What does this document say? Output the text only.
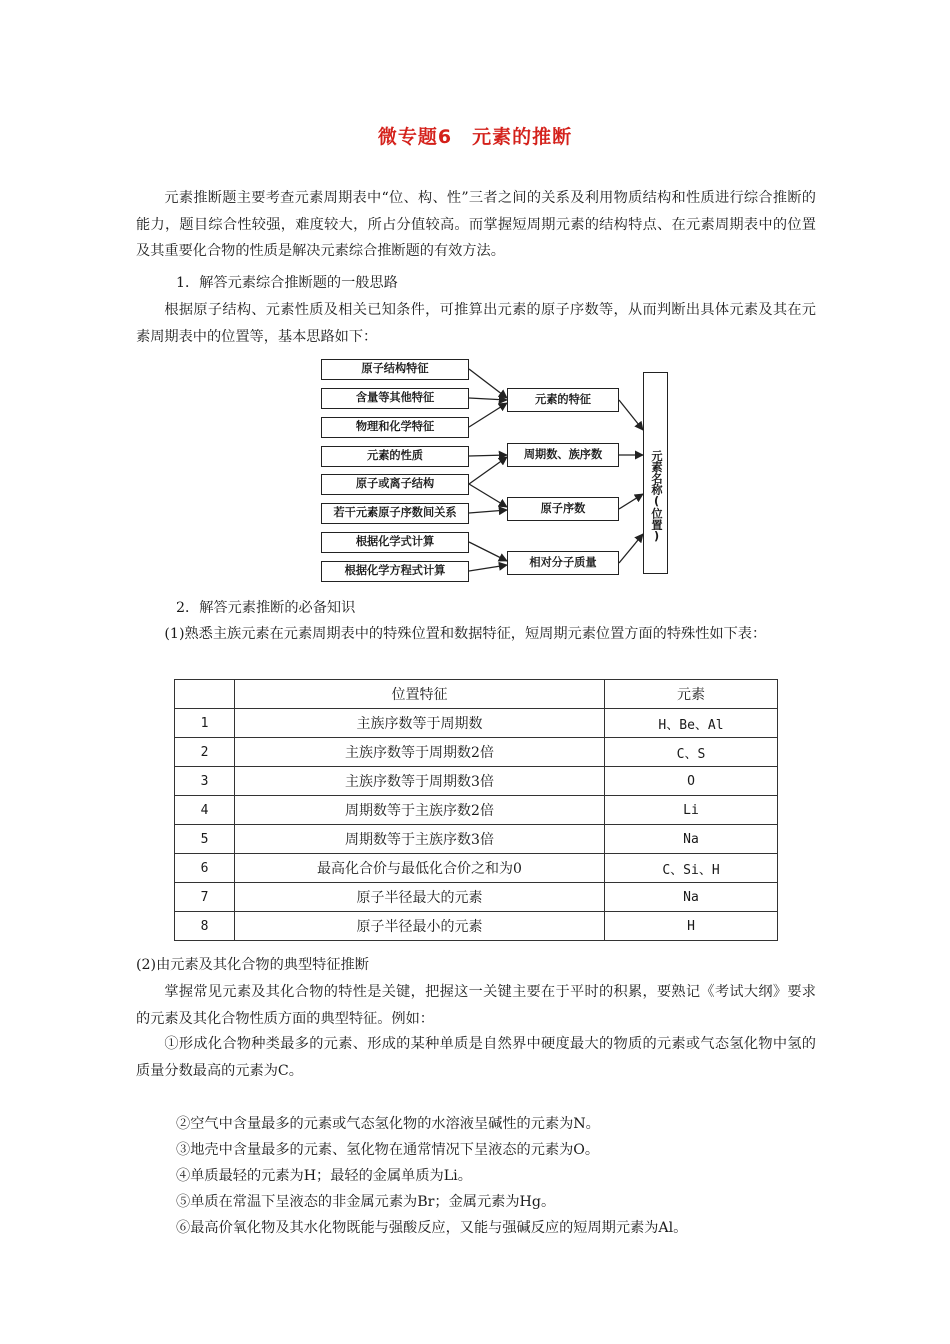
微专题6　元素的推断

元素推断题主要考查元素周期表中“位、构、性”三者之间的关系及利用物质结构和性质进行综合推断的能力，题目综合性较强，难度较大，所占分值较高。而掌握短周期元素的结构特点、在元素周期表中的位置及其重要化合物的性质是解决元素综合推断题的有效方法。

1．解答元素综合推断题的一般思路

根据原子结构、元素性质及相关已知条件，可推算出元素的原子序数等，从而判断出具体元素及其在元素周期表中的位置等，基本思路如下：

原子结构特征
含量等其他特征
物理和化学特征
元素的性质
原子或离子结构
若干元素原子序数间关系
根据化学式计算
根据化学方程式计算
元素的特征
周期数、族序数
原子序数
相对分子质量
元素名称(位置)

2．解答元素推断的必备知识

(1)熟悉主族元素在元素周期表中的特殊位置和数据特征，短周期元素位置方面的特殊性如下表：

	位置特征	元素
1	主族序数等于周期数	H、Be、Al
2	主族序数等于周期数2倍	C、S
3	主族序数等于周期数3倍	O
4	周期数等于主族序数2倍	Li
5	周期数等于主族序数3倍	Na
6	最高化合价与最低化合价之和为0	C、Si、H
7	原子半径最大的元素	Na
8	原子半径最小的元素	H

(2)由元素及其化合物的典型特征推断

掌握常见元素及其化合物的特性是关键，把握这一关键主要在于平时的积累，要熟记《考试大纲》要求的元素及其化合物性质方面的典型特征。例如：

①形成化合物种类最多的元素、形成的某种单质是自然界中硬度最大的物质的元素或气态氢化物中氢的质量分数最高的元素为C。

②空气中含量最多的元素或气态氢化物的水溶液呈碱性的元素为N。

③地壳中含量最多的元素、氢化物在通常情况下呈液态的元素为O。

④单质最轻的元素为H；最轻的金属单质为Li。

⑤单质在常温下呈液态的非金属元素为Br；金属元素为Hg。

⑥最高价氧化物及其水化物既能与强酸反应，又能与强碱反应的短周期元素为Al。
